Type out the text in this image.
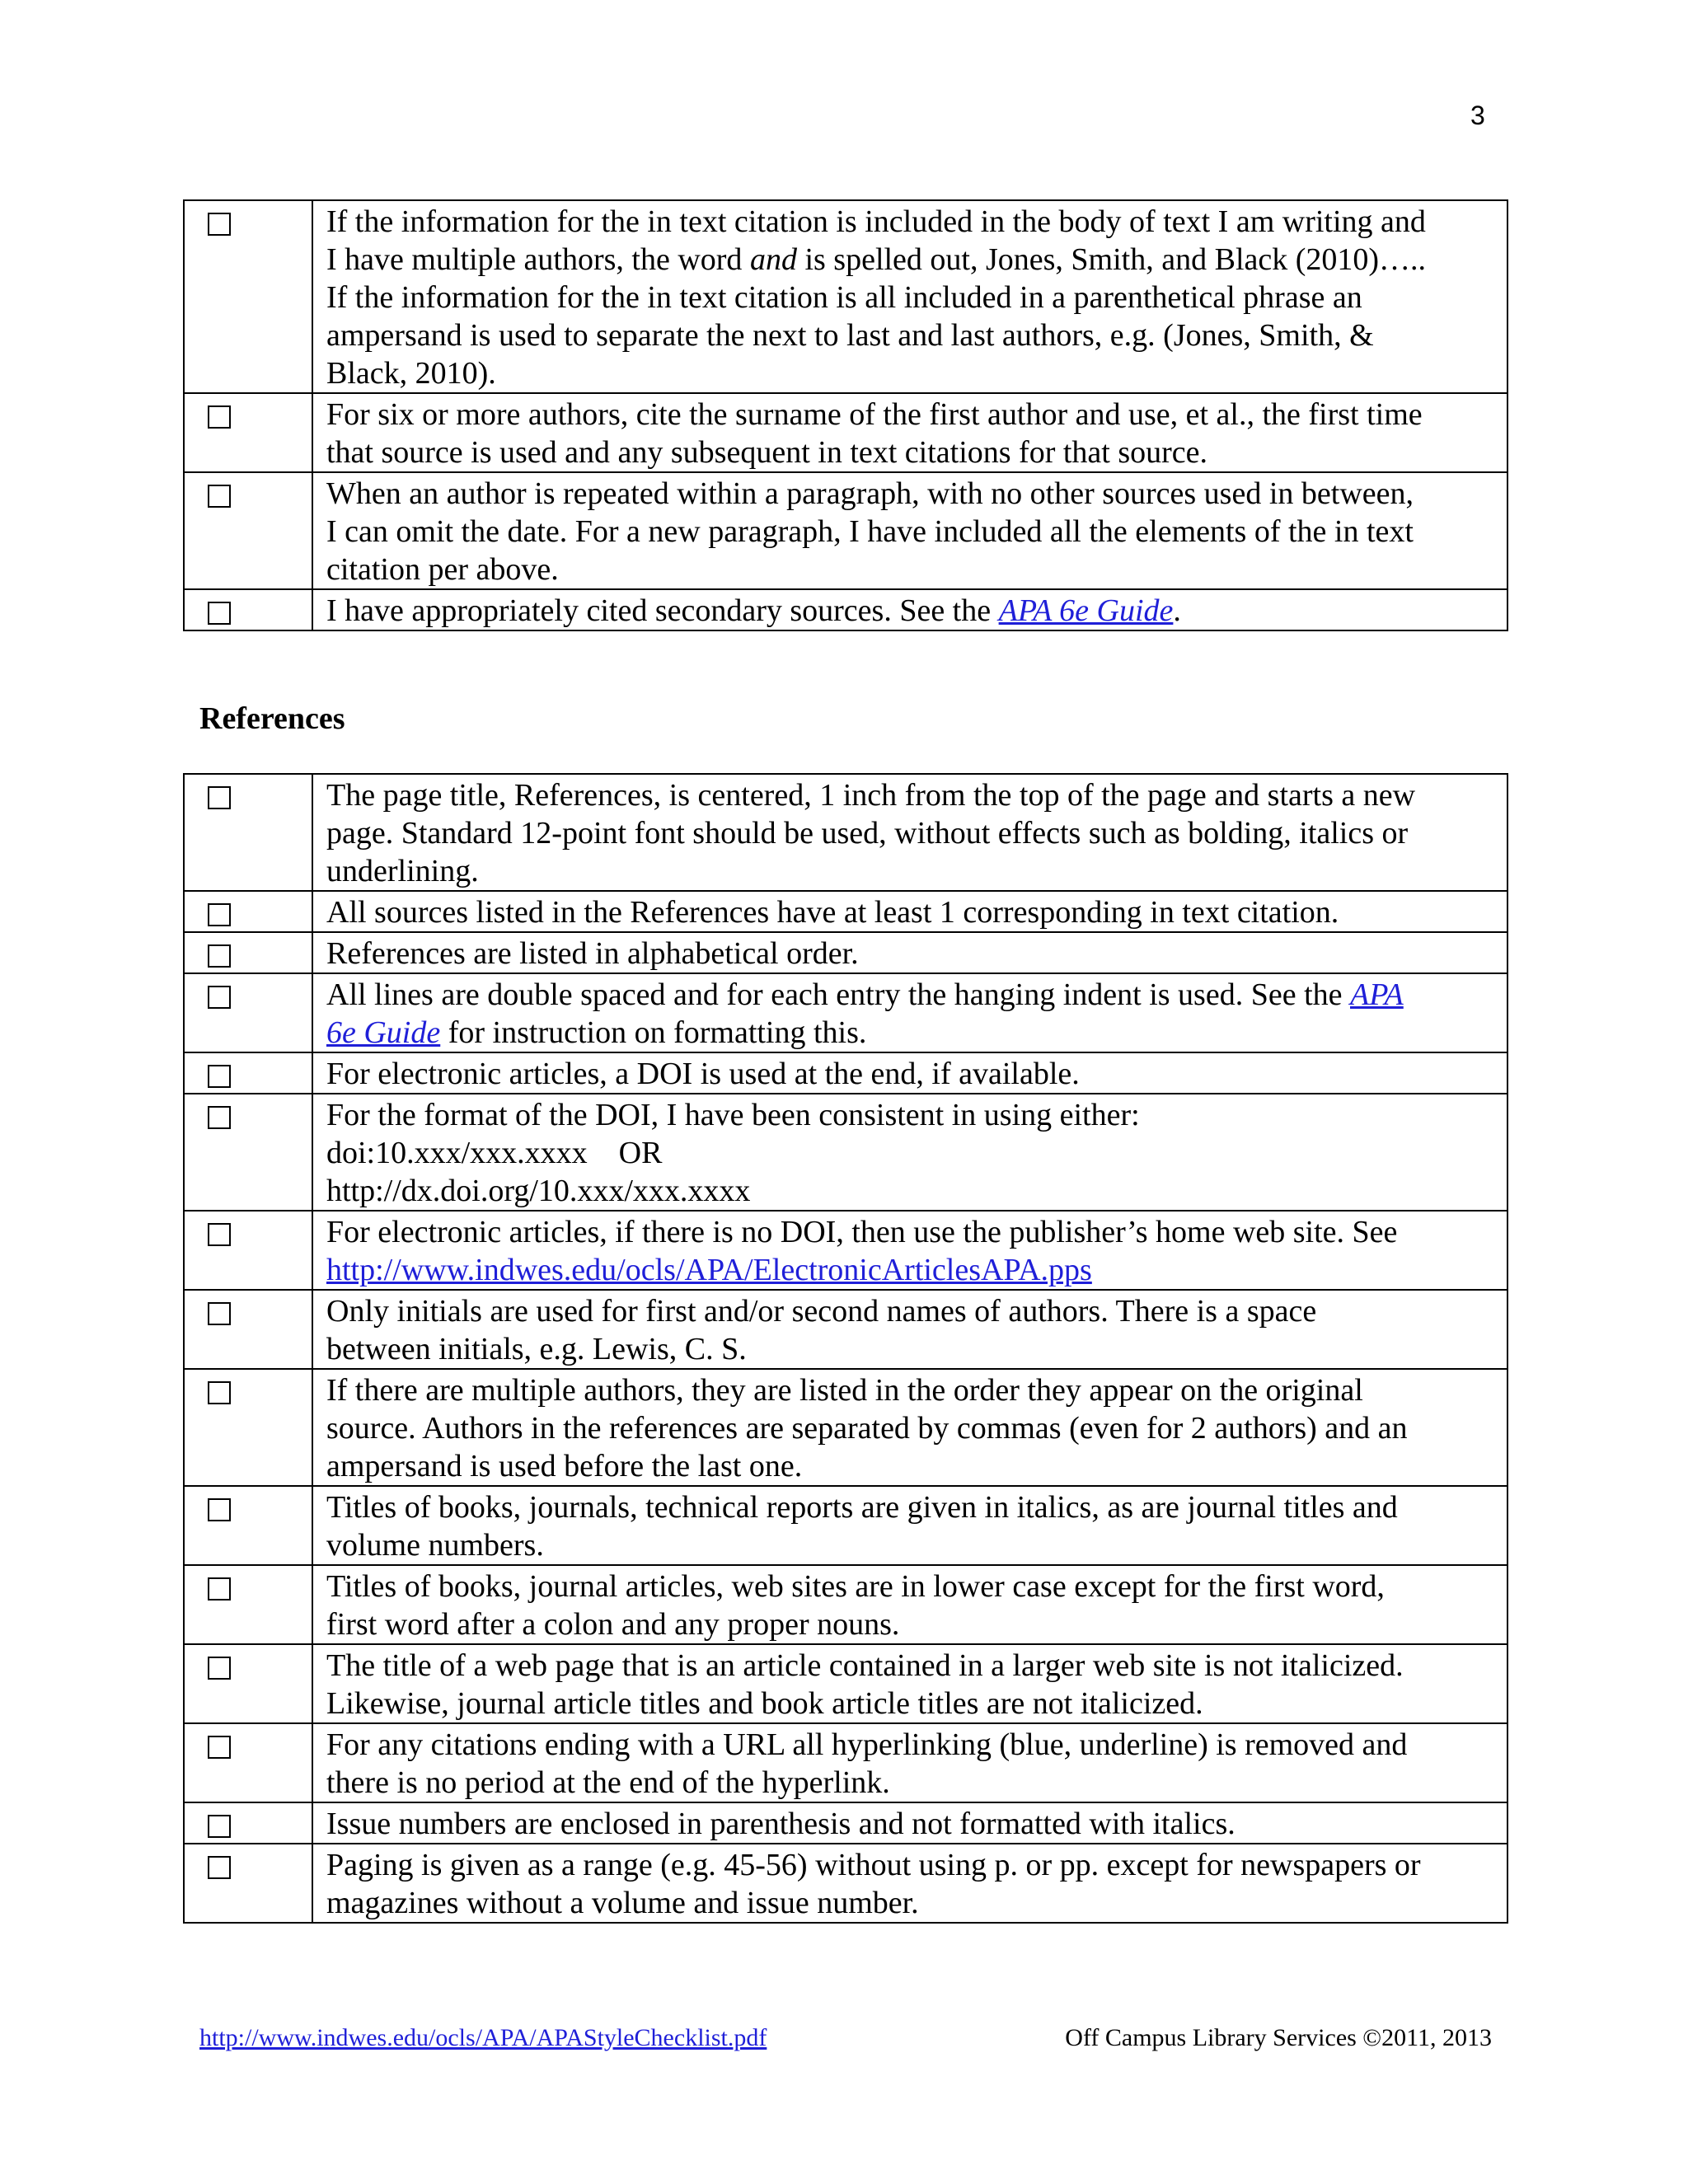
3
	If the information for the in text citation is included in the body of text I am writing and
I have multiple authors, the word and is spelled out, Jones, Smith, and Black (2010)…..
If the information for the in text citation is all included in a parenthetical phrase an
ampersand is used to separate the next to last and last authors, e.g. (Jones, Smith, &
Black, 2010).

	For six or more authors, cite the surname of the first author and use, et al., the first time
that source is used and any subsequent in text citations for that source.

	When an author is repeated within a paragraph, with no other sources used in between,
I can omit the date. For a new paragraph, I have included all the elements of the in text
citation per above.

	I have appropriately cited secondary sources. See the APA 6e Guide.
References
	The page title, References, is centered, 1 inch from the top of the page and starts a new
page. Standard 12-point font should be used, without effects such as bolding, italics or
underlining.

	All sources listed in the References have at least 1 corresponding in text citation.

	References are listed in alphabetical order.

	All lines are double spaced and for each entry the hanging indent is used. See the APA
6e Guide for instruction on formatting this.

	For electronic articles, a DOI is used at the end, if available.

	For the format of the DOI, I have been consistent in using either:
doi:10.xxx/xxx.xxxx    OR
http://dx.doi.org/10.xxx/xxx.xxxx

	For electronic articles, if there is no DOI, then use the publisher’s home web site. See
http://www.indwes.edu/ocls/APA/ElectronicArticlesAPA.pps

	Only initials are used for first and/or second names of authors. There is a space
between initials, e.g. Lewis, C. S.

	If there are multiple authors, they are listed in the order they appear on the original
source. Authors in the references are separated by commas (even for 2 authors) and an
ampersand is used before the last one.

	Titles of books, journals, technical reports are given in italics, as are journal titles and
volume numbers.

	Titles of books, journal articles, web sites are in lower case except for the first word,
first word after a colon and any proper nouns.

	The title of a web page that is an article contained in a larger web site is not italicized.
Likewise, journal article titles and book article titles are not italicized.

	For any citations ending with a URL all hyperlinking (blue, underline) is removed and
there is no period at the end of the hyperlink.

	Issue numbers are enclosed in parenthesis and not formatted with italics.

	Paging is given as a range (e.g. 45-56) without using p. or pp. except for newspapers or
magazines without a volume and issue number.
http://www.indwes.edu/ocls/APA/APAStyleChecklist.pdf	Off Campus Library Services ©2011, 2013
